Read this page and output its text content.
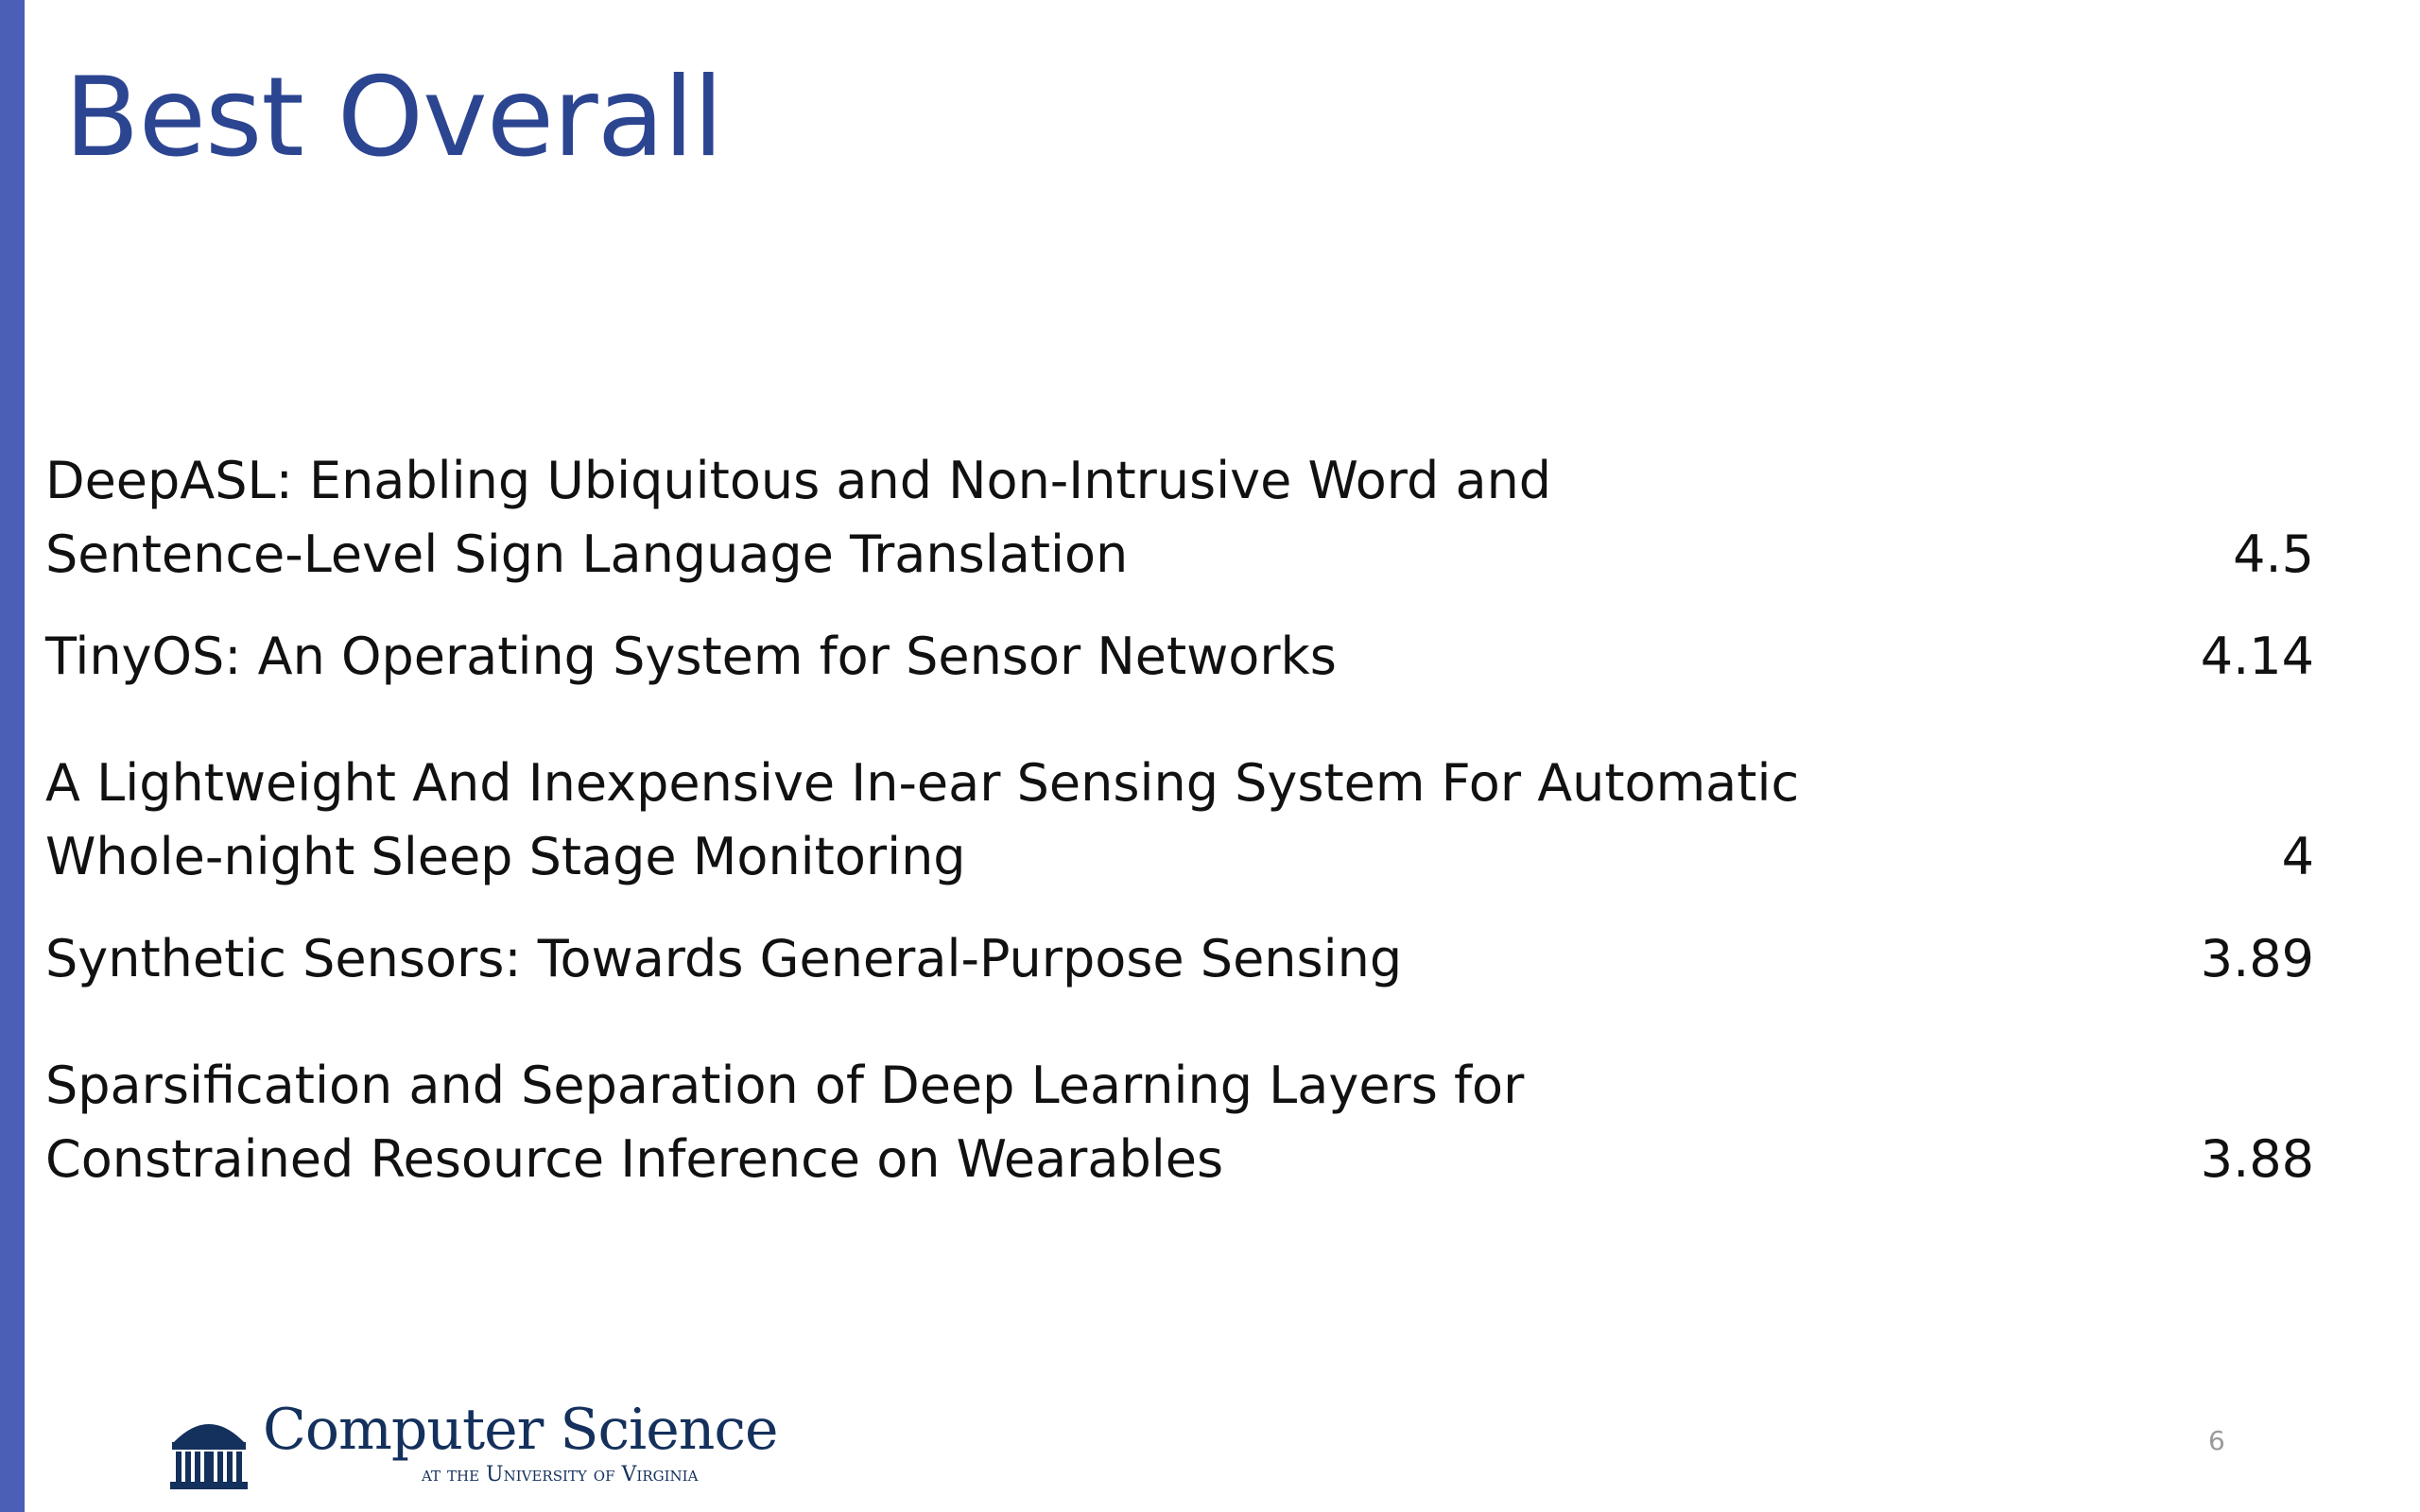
Best Overall
DeepASL: Enabling Ubiquitous and Non-Intrusive Word and
Sentence-Level Sign Language Translation	4.5
TinyOS: An Operating System for Sensor Networks	4.14
A Lightweight And Inexpensive In-ear Sensing System For Automatic
Whole-night Sleep Stage Monitoring	4
Synthetic Sensors: Towards General-Purpose Sensing	3.89
Sparsification and Separation of Deep Learning Layers for
Constrained Resource Inference on Wearables	3.88
Computer Science
at the University of Virginia
6
